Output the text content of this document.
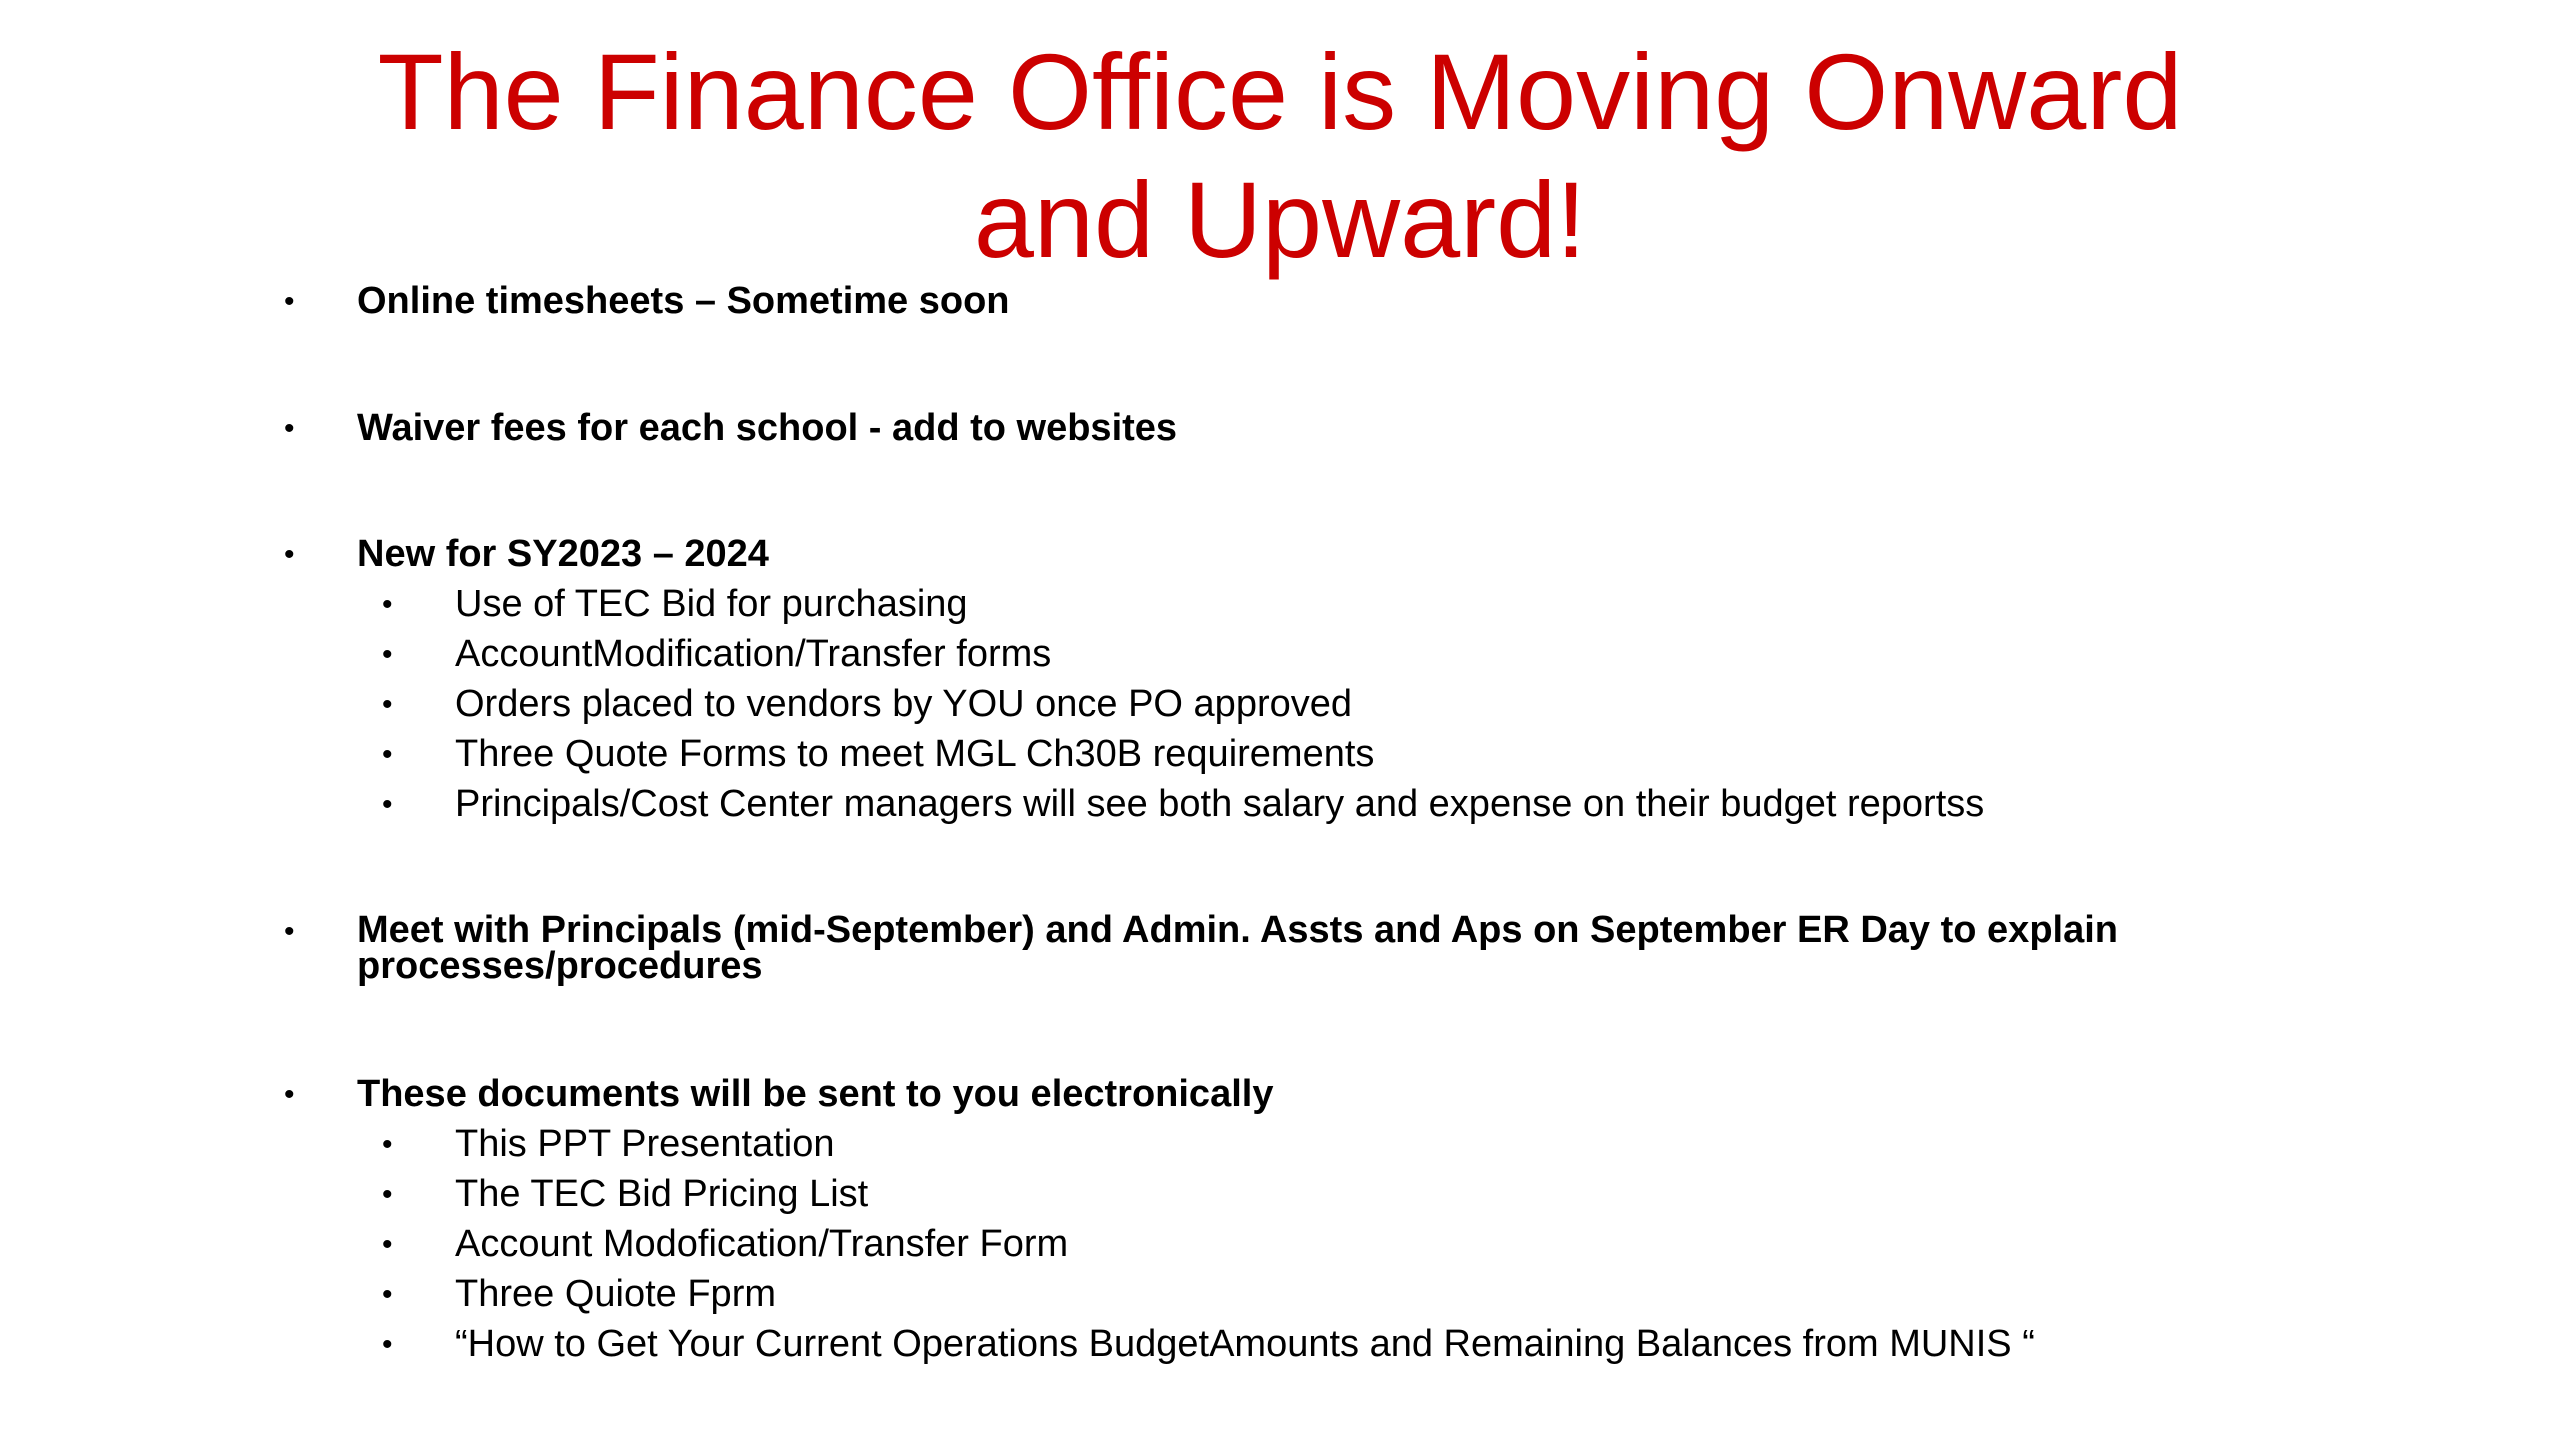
The Finance Office is Moving Onward
and Upward!
• Online timesheets – Sometime soon
• Waiver fees for each school - add to websites
• New for SY2023 – 2024
• Use of TEC Bid for purchasing
• AccountModification/Transfer forms
• Orders placed to vendors by YOU once PO approved
• Three Quote Forms to meet MGL Ch30B requirements
• Principals/Cost Center managers will see both salary and expense on their budget reportss
• Meet with Principals (mid-September) and Admin. Assts and Aps on September ER Day to explain processes/procedures
• These documents will be sent to you electronically
• This PPT Presentation
• The TEC Bid Pricing List
• Account Modofication/Transfer Form
• Three Quiote Fprm
• “How to Get Your Current Operations BudgetAmounts and Remaining Balances from MUNIS “
